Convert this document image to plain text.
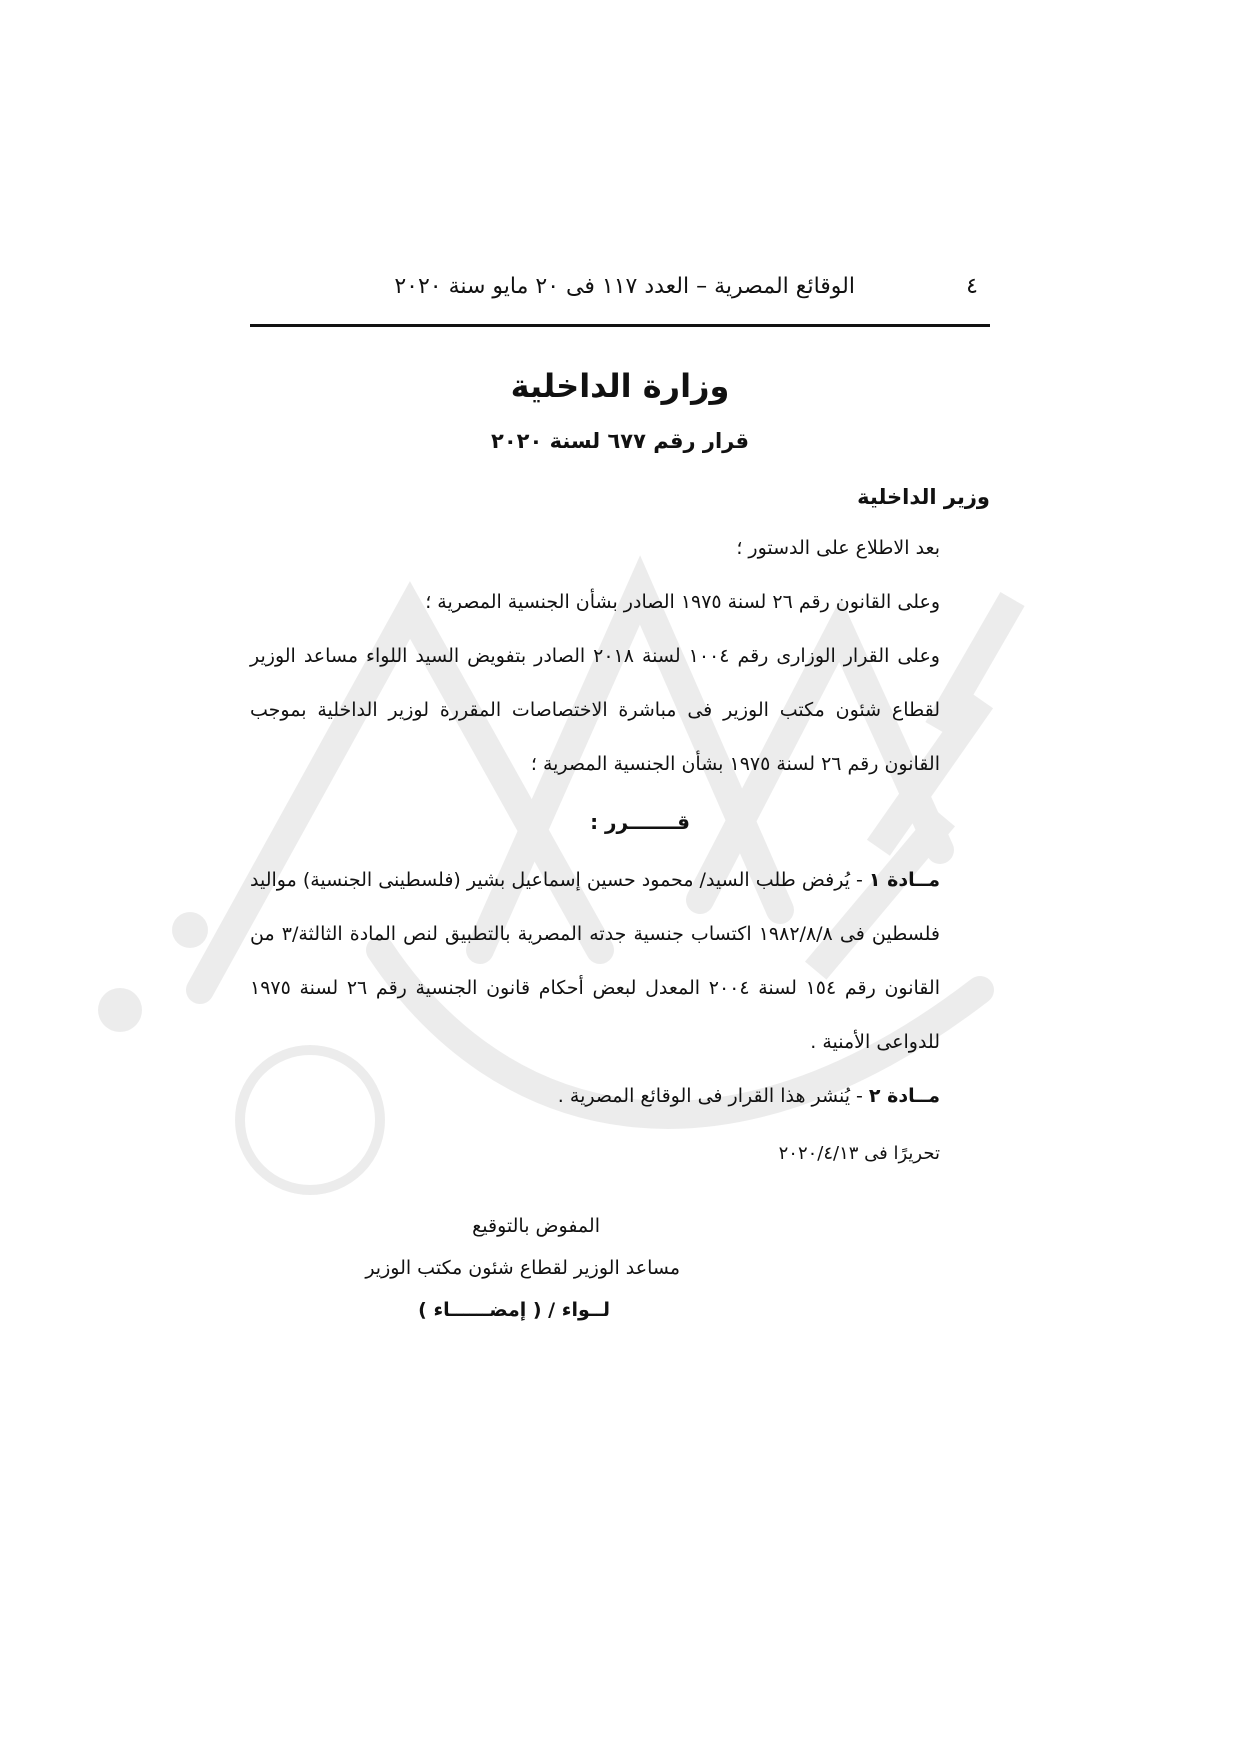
٤
الوقائع المصرية – العدد ١١٧ فى ٢٠ مايو سنة ٢٠٢٠
وزارة الداخلية
قرار رقم ٦٧٧ لسنة ٢٠٢٠
وزير الداخلية
بعد الاطلاع على الدستور ؛
وعلى القانون رقم ٢٦ لسنة ١٩٧٥ الصادر بشأن الجنسية المصرية ؛
وعلى القرار الوزارى رقم ١٠٠٤ لسنة ٢٠١٨ الصادر بتفويض السيد اللواء مساعد الوزير لقطاع شئون مكتب الوزير فى مباشرة الاختصاصات المقررة لوزير الداخلية بموجب القانون رقم ٢٦ لسنة ١٩٧٥ بشأن الجنسية المصرية ؛
قـــــــرر :
مــادة ١ - يُرفض طلب السيد/ محمود حسين إسماعيل بشير (فلسطينى الجنسية) مواليد فلسطين فى ١٩٨٢/٨/٨ اكتساب جنسية جدته المصرية بالتطبيق لنص المادة الثالثة/٣ من القانون رقم ١٥٤ لسنة ٢٠٠٤ المعدل لبعض أحكام قانون الجنسية رقم ٢٦ لسنة ١٩٧٥ للدواعى الأمنية .
مــادة ٢ - يُنشر هذا القرار فى الوقائع المصرية .
تحريرًا فى ٢٠٢٠/٤/١٣
المفوض بالتوقيع
مساعد الوزير لقطاع شئون مكتب الوزير
لــواء / ( إمضــــــاء )
